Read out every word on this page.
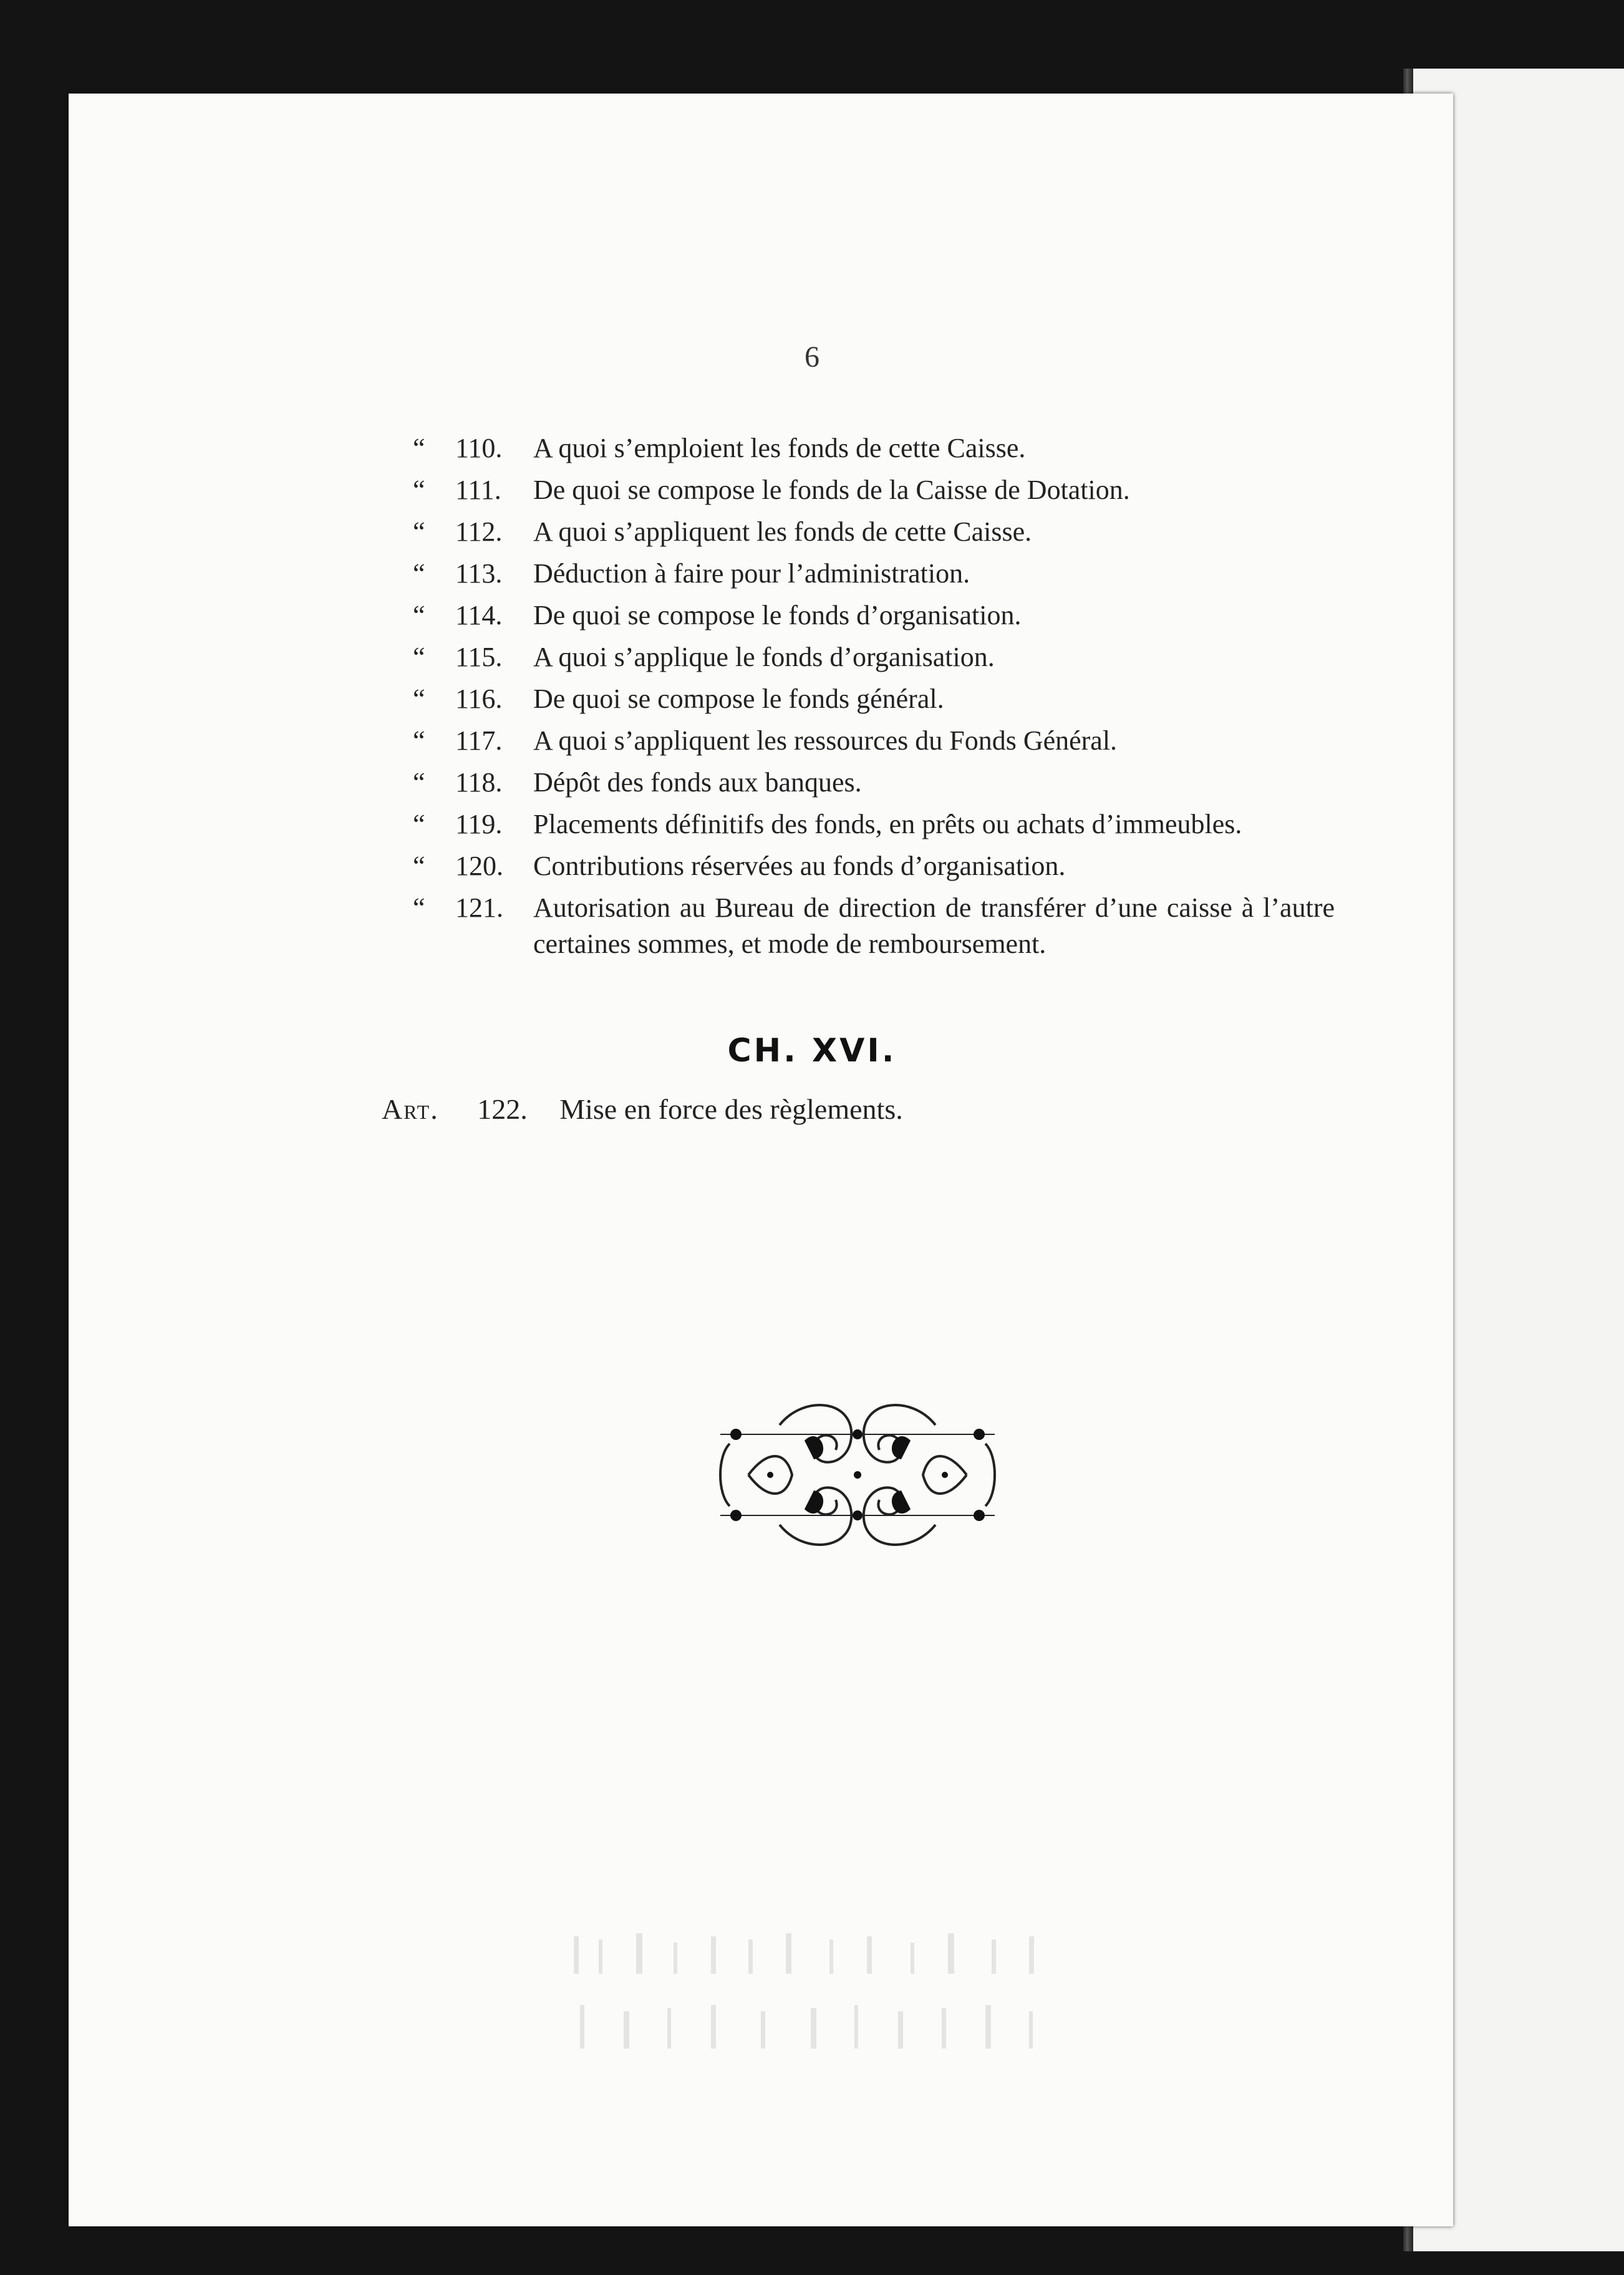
6
“	110.	A quoi s’emploient les fonds de cette Caisse.
“	111.	De quoi se compose le fonds de la Caisse de Dotation.
“	112.	A quoi s’appliquent les fonds de cette Caisse.
“	113.	Déduction à faire pour l’administration.
“	114.	De quoi se compose le fonds d’organisation.
“	115.	A quoi s’applique le fonds d’organisation.
“	116.	De quoi se compose le fonds général.
“	117.	A quoi s’appliquent les ressources du Fonds Général.
“	118.	Dépôt des fonds aux banques.
“	119.	Placements définitifs des fonds, en prêts ou achats d’immeubles.
“	120.	Contributions réservées au fonds d’organisation.
“	121.	Autorisation au Bureau de direction de transférer d’une caisse à l’autre certaines sommes, et mode de remboursement.
CH. XVI.
Art. 122. Mise en force des règlements.
